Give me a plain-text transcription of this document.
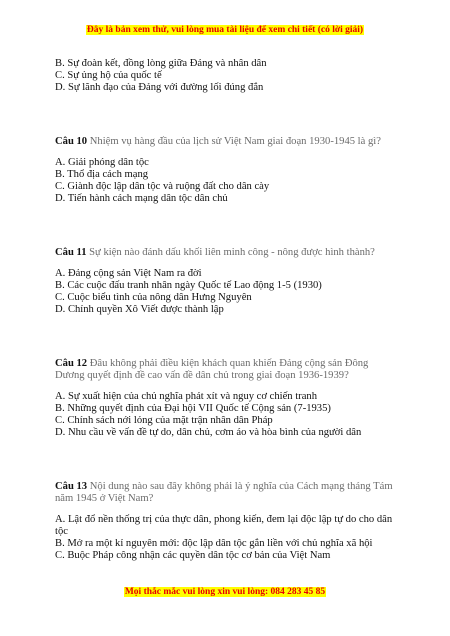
Đây là bản xem thử, vui lòng mua tài liệu để xem chi tiết (có lời giải)
B. Sự đoàn kết, đồng lòng giữa Đảng và nhân dân
C. Sự ủng hộ của quốc tế
D. Sự lãnh đạo của Đảng với đường lối đúng đắn
Câu 10 Nhiệm vụ hàng đầu của lịch sử Việt Nam giai đoạn 1930-1945 là gì?
A. Giải phóng dân tộc
B. Thổ địa cách mạng
C. Giành độc lập dân tộc và ruộng đất cho dân cày
D. Tiến hành cách mạng dân tộc dân chủ
Câu 11 Sự kiện nào đánh dấu khối liên minh công - nông được hình thành?
A. Đảng cộng sản Việt Nam ra đời
B. Các cuộc đấu tranh nhân ngày Quốc tế Lao động 1-5 (1930)
C. Cuộc biểu tình của nông dân Hưng Nguyên
D. Chính quyền Xô Viết được thành lập
Câu 12 Đâu không phải điều kiện khách quan khiến Đảng cộng sản Đông
Dương quyết định đề cao vấn đề dân chủ trong giai đoạn 1936-1939?
A. Sự xuất hiện của chủ nghĩa phát xít và nguy cơ chiến tranh
B. Những quyết định của Đại hội VII Quốc tế Cộng sản (7-1935)
C. Chính sách nới lỏng của mặt trận nhân dân Pháp
D. Nhu cầu về vấn đề tự do, dân chủ, cơm áo và hòa bình của người dân
Câu 13 Nội dung nào sau đây không phải là ý nghĩa của Cách mạng tháng Tám
năm 1945 ở Việt Nam?
A. Lật đổ nền thống trị của thực dân, phong kiến, đem lại độc lập tự do cho dân
tộc
B. Mở ra một kỉ nguyên mới: độc lập dân tộc gắn liền với chủ nghĩa xã hội
C. Buộc Pháp công nhận các quyền dân tộc cơ bản của Việt Nam
Mọi thắc mắc vui lòng xin vui lòng: 084 283 45 85
